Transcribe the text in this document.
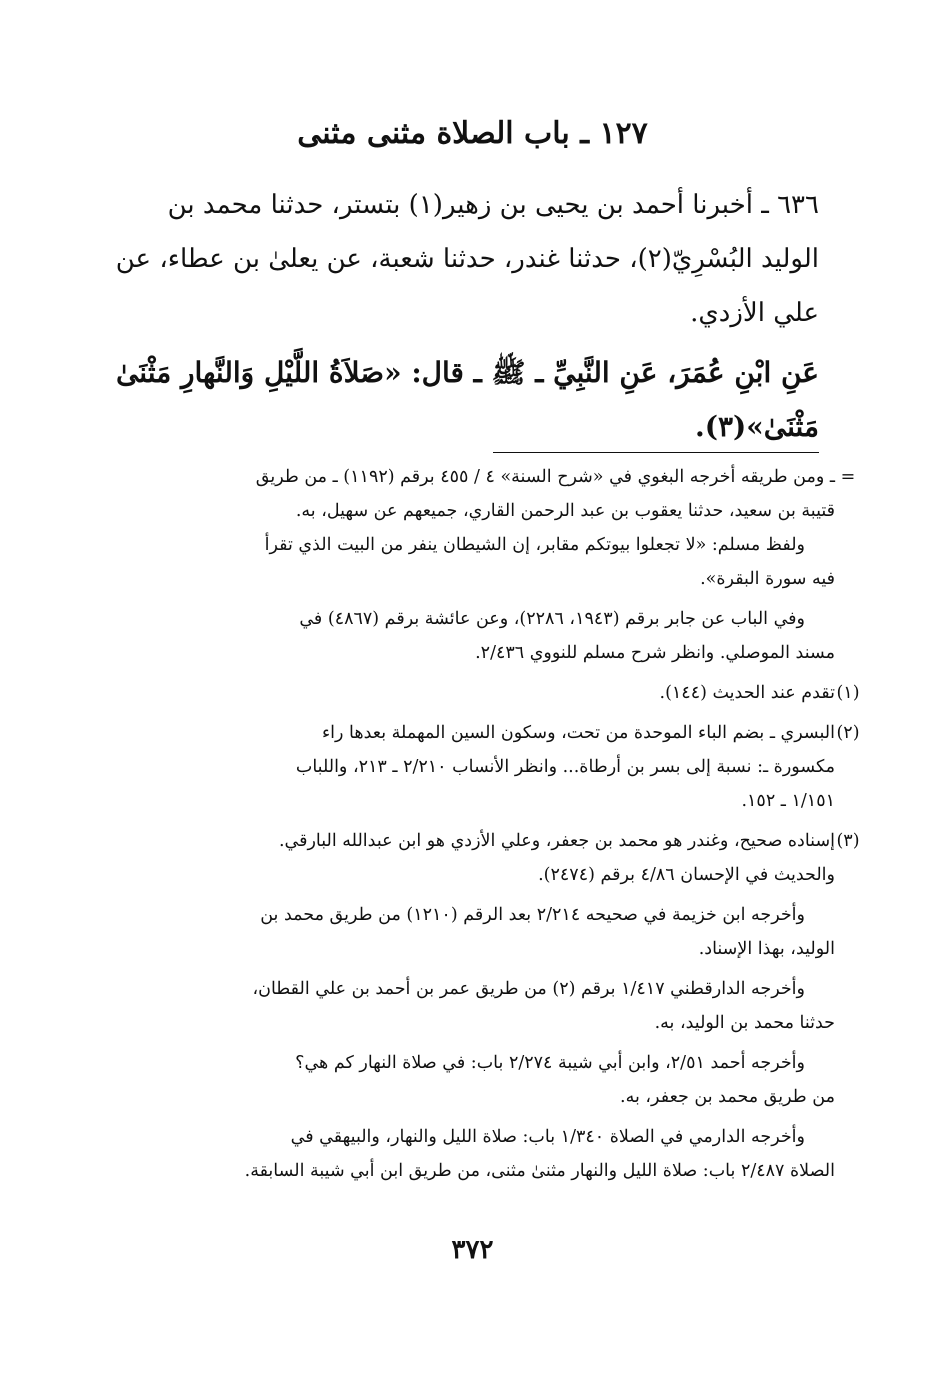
١٢٧ ـ باب الصلاة مثنى مثنى

٦٣٦ ـ أخبرنا أحمد بن يحيى بن زهير(١) بتستر، حدثنا محمد بن

الوليد البُسْرِيّ(٢)، حدثنا غندر، حدثنا شعبة، عن يعلىٰ بن عطاء، عن

علي الأزدي.

عَنِ ابْنِ عُمَرَ، عَنِ النَّبِيِّ ـ ﷺ ـ قال: «صَلاَةُ اللَّيْلِ وَالنَّهارِ مَثْنَىٰ

مَثْنَىٰ»(٣).

=

ـ ومن طريقه أخرجه البغوي في «شرح السنة» ٤ / ٤٥٥ برقم (١١٩٢) ـ من طريق

قتيبة بن سعيد، حدثنا يعقوب بن عبد الرحمن القاري، جميعهم عن سهيل، به.

ولفظ مسلم: «لا تجعلوا بيوتكم مقابر، إن الشيطان ينفر من البيت الذي تقرأ

فيه سورة البقرة».

وفي الباب عن جابر برقم (١٩٤٣، ٢٢٨٦)، وعن عائشة برقم (٤٨٦٧) في

مسند الموصلي. وانظر شرح مسلم للنووي ٢/٤٣٦.

(١)

تقدم عند الحديث (١٤٤).

(٢)

البسري ـ بضم الباء الموحدة من تحت، وسكون السين المهملة بعدها راء

مكسورة ـ: نسبة إلى بسر بن أرطاة... وانظر الأنساب ٢/٢١٠ ـ ٢١٣، واللباب

١/١٥١ ـ ١٥٢.

(٣)

إسناده صحيح، وغندر هو محمد بن جعفر، وعلي الأزدي هو ابن عبدالله البارقي.

والحديث في الإحسان ٤/٨٦ برقم (٢٤٧٤).

وأخرجه ابن خزيمة في صحيحه ٢/٢١٤ بعد الرقم (١٢١٠) من طريق محمد بن

الوليد، بهذا الإسناد.

وأخرجه الدارقطني ١/٤١٧ برقم (٢) من طريق عمر بن أحمد بن علي القطان،

حدثنا محمد بن الوليد، به.

وأخرجه أحمد ٢/٥١، وابن أبي شيبة ٢/٢٧٤ باب: في صلاة النهار كم هي؟

من طريق محمد بن جعفر، به.

وأخرجه الدارمي في الصلاة ١/٣٤٠ باب: صلاة الليل والنهار، والبيهقي في

الصلاة ٢/٤٨٧ باب: صلاة الليل والنهار مثنىٰ مثنى، من طريق ابن أبي شيبة السابقة.

٣٧٢
